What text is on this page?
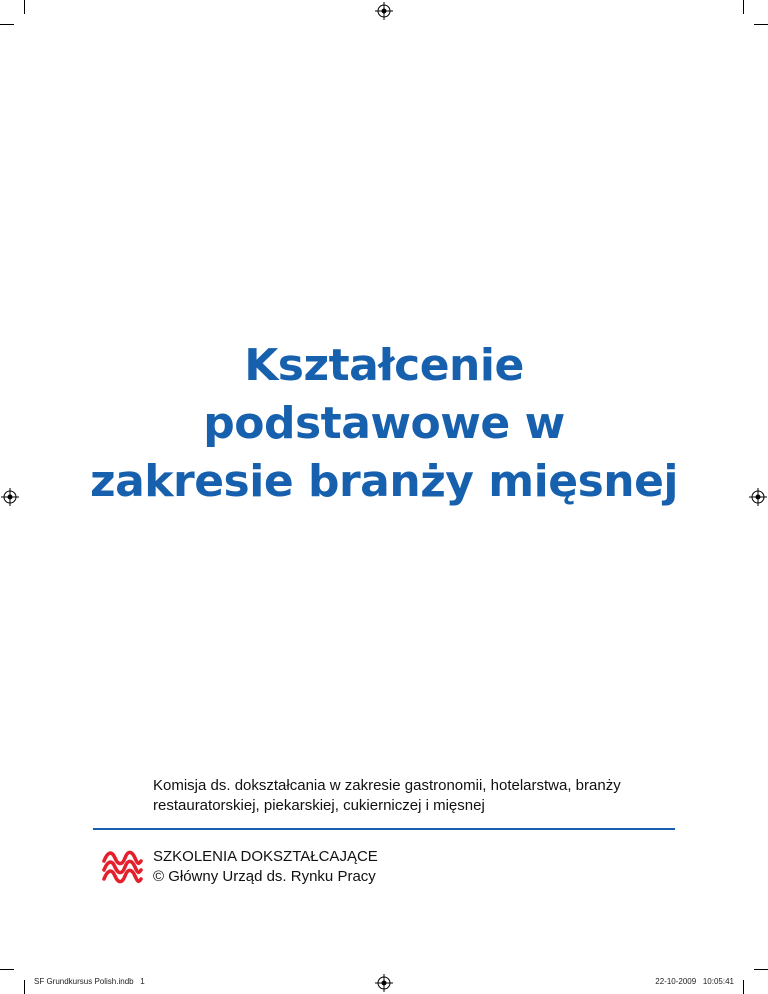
Kształcenie
podstawowe w
zakresie branży mięsnej
Komisja ds. dokształcania w zakresie gastronomii, hotelarstwa, branży
restauratorskiej, piekarskiej, cukierniczej i mięsnej
SZKOLENIA DOKSZTAŁCAJĄCE
© Główny Urząd ds. Rynku Pracy
SF Grundkursus Polish.indb   1	22-10-2009   10:05:41
